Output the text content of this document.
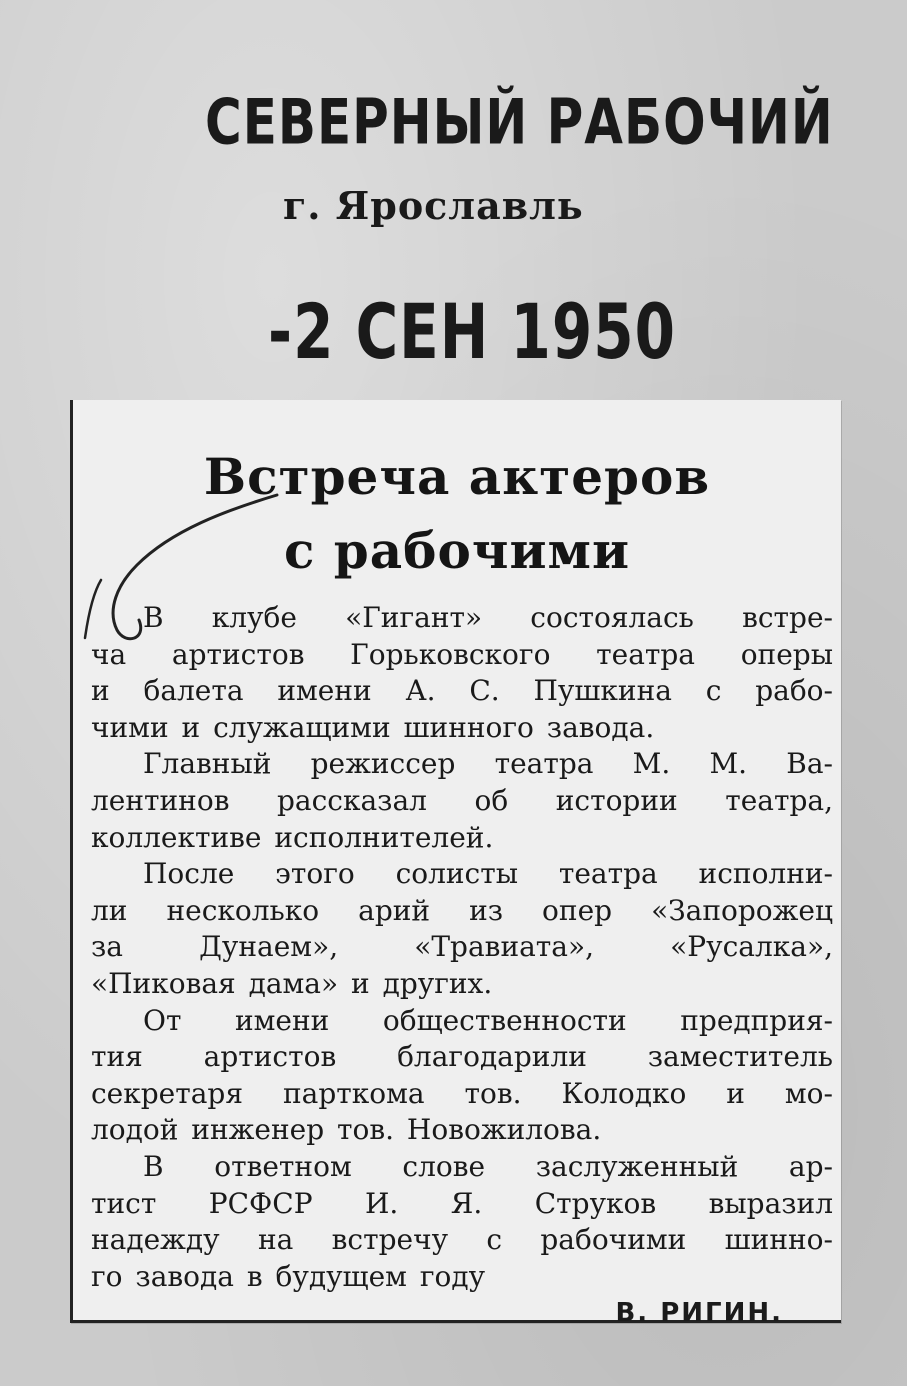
СЕВЕРНЫЙ РАБОЧИЙ
г. Ярославль
-2 СЕН 1950
Встреча актеров
с рабочими
В клубе «Гигант» состоялась встре-
ча артистов Горьковского театра оперы
и балета имени А. С. Пушкина с рабо-
чими и служащими шинного завода.
Главный режиссер театра М. М. Ва-
лентинов рассказал об истории театра,
коллективе исполнителей.
После этого солисты театра исполни-
ли несколько арий из опер «Запорожец
за Дунаем», «Травиата», «Русалка»,
«Пиковая дама» и других.
От имени общественности предприя-
тия артистов благодарили заместитель
секретаря парткома тов. Колодко и мо-
лодой инженер тов. Новожилова.
В ответном слове заслуженный ар-
тист РСФСР И. Я. Струков выразил
надежду на встречу с рабочими шинно-
го завода в будущем году
В. РИГИН.
